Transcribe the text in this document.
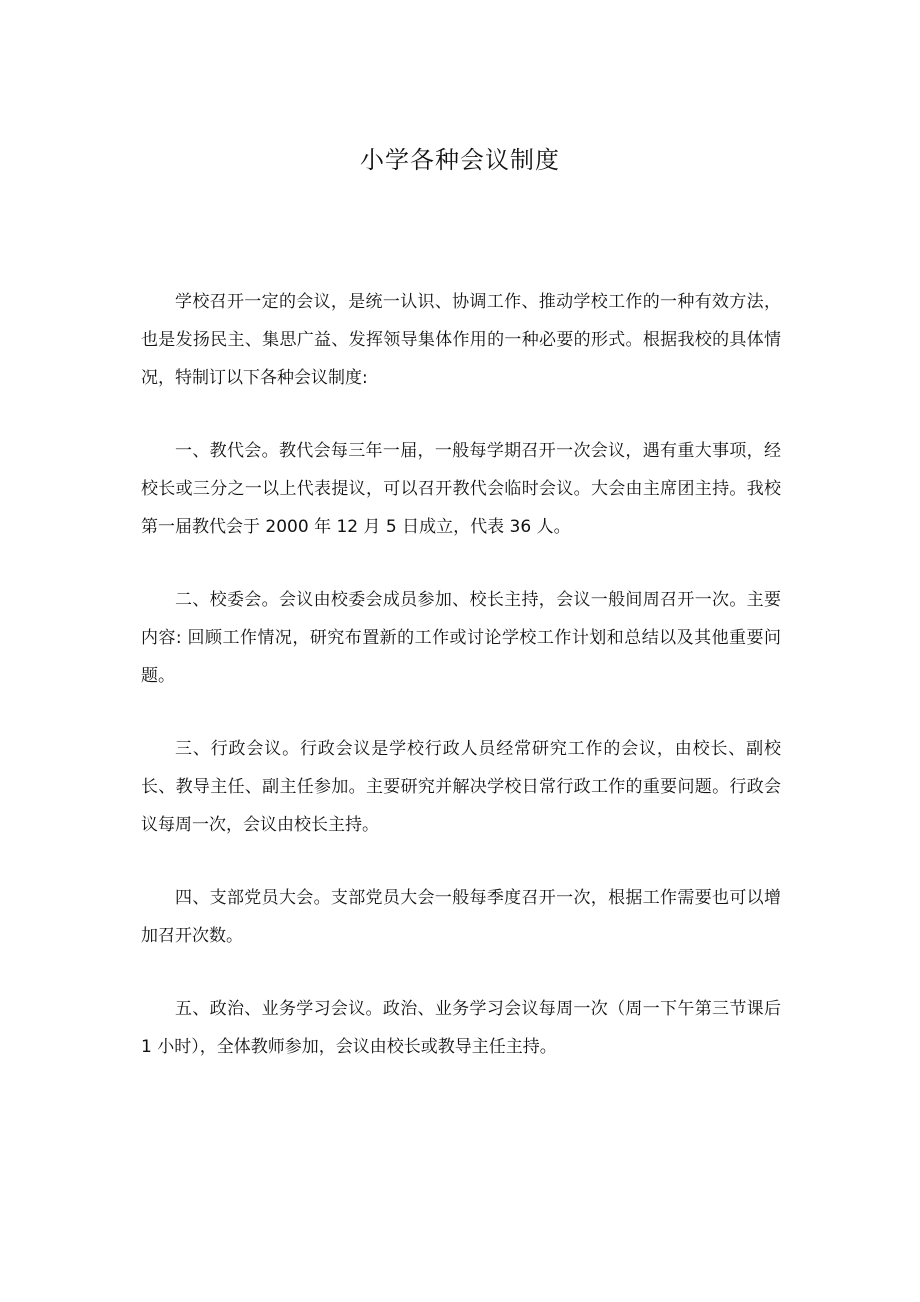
小学各种会议制度

学校召开一定的会议，是统一认识、协调工作、推动学校工作的一种有效方法，也是发扬民主、集思广益、发挥领导集体作用的一种必要的形式。根据我校的具体情况，特制订以下各种会议制度:

一、教代会。教代会每三年一届，一般每学期召开一次会议，遇有重大事项，经校长或三分之一以上代表提议，可以召开教代会临时会议。大会由主席团主持。我校第一届教代会于 2000 年 12 月 5 日成立，代表 36 人。

二、校委会。会议由校委会成员参加、校长主持，会议一般间周召开一次。主要内容: 回顾工作情况，研究布置新的工作或讨论学校工作计划和总结以及其他重要问题。

三、行政会议。行政会议是学校行政人员经常研究工作的会议，由校长、副校长、教导主任、副主任参加。主要研究并解决学校日常行政工作的重要问题。行政会议每周一次，会议由校长主持。

四、支部党员大会。支部党员大会一般每季度召开一次，根据工作需要也可以增加召开次数。

五、政治、业务学习会议。政治、业务学习会议每周一次（周一下午第三节课后 1 小时），全体教师参加，会议由校长或教导主任主持。
